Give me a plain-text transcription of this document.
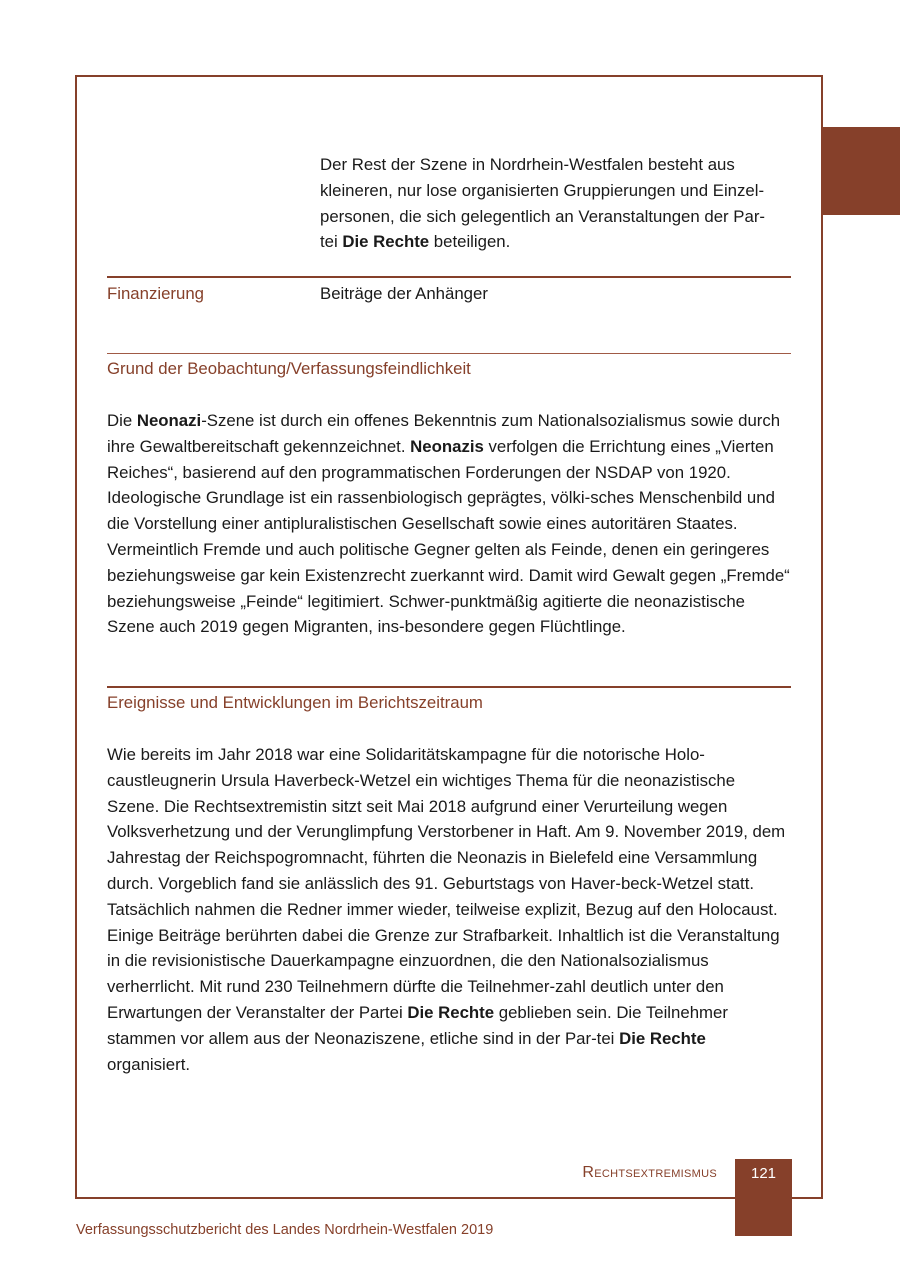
Der Rest der Szene in Nordrhein-Westfalen besteht aus
kleineren, nur lose organisierten Gruppierungen und Einzel-
personen, die sich gelegentlich an Veranstaltungen der Par-
tei Die Rechte beteiligen.

Finanzierung	Beiträge der Anhänger
Grund der Beobachtung/Verfassungsfeindlichkeit

Die Neonazi-Szene ist durch ein offenes Bekenntnis zum Nationalsozialismus sowie durch ihre Gewaltbereitschaft gekennzeichnet. Neonazis verfolgen die Errichtung eines „Vierten Reiches“, basierend auf den programmatischen Forderungen der NSDAP von 1920. Ideologische Grundlage ist ein rassenbiologisch geprägtes, völki-sches Menschenbild und die Vorstellung einer antipluralistischen Gesellschaft sowie eines autoritären Staates. Vermeintlich Fremde und auch politische Gegner gelten als Feinde, denen ein geringeres beziehungsweise gar kein Existenzrecht zuerkannt wird. Damit wird Gewalt gegen „Fremde“ beziehungsweise „Feinde“ legitimiert. Schwer-punktmäßig agitierte die neonazistische Szene auch 2019 gegen Migranten, ins-besondere gegen Flüchtlinge.

Ereignisse und Entwicklungen im Berichtszeitraum

Wie bereits im Jahr 2018 war eine Solidaritätskampagne für die notorische Holo-caustleugnerin Ursula Haverbeck-Wetzel ein wichtiges Thema für die neonazistische Szene. Die Rechtsextremistin sitzt seit Mai 2018 aufgrund einer Verurteilung wegen Volksverhetzung und der Verunglimpfung Verstorbener in Haft. Am 9. November 2019, dem Jahrestag der Reichspogromnacht, führten die Neonazis in Bielefeld eine Versammlung durch. Vorgeblich fand sie anlässlich des 91. Geburtstags von Haver-beck-Wetzel statt. Tatsächlich nahmen die Redner immer wieder, teilweise explizit, Bezug auf den Holocaust. Einige Beiträge berührten dabei die Grenze zur Strafbarkeit. Inhaltlich ist die Veranstaltung in die revisionistische Dauerkampagne einzuordnen, die den Nationalsozialismus verherrlicht. Mit rund 230 Teilnehmern dürfte die Teilnehmer-zahl deutlich unter den Erwartungen der Veranstalter der Partei Die Rechte geblieben sein. Die Teilnehmer stammen vor allem aus der Neonaziszene, etliche sind in der Par-tei Die Rechte organisiert.

Rechtsextremismus	121
Verfassungsschutzbericht des Landes Nordrhein-Westfalen 2019
